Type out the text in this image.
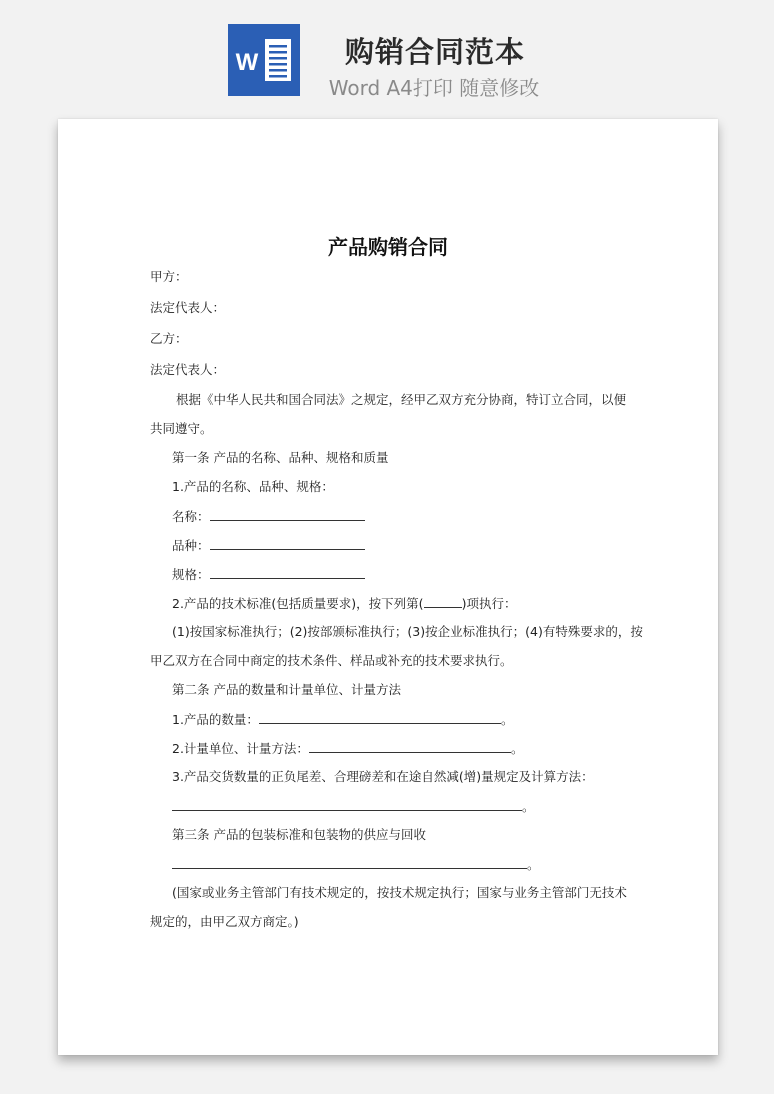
W	购销合同范本
Word A4打印 随意修改
产品购销合同
甲方：
法定代表人：
乙方：
法定代表人：
根据《中华人民共和国合同法》之规定，经甲乙双方充分协商，特订立合同，以便
共同遵守。
第一条 产品的名称、品种、规格和质量
1.产品的名称、品种、规格：
名称：
品种：
规格：
2.产品的技术标准(包括质量要求)，按下列第(	)项执行：
(1)按国家标准执行；(2)按部颁标准执行；(3)按企业标准执行；(4)有特殊要求的，按
甲乙双方在合同中商定的技术条件、样品或补充的技术要求执行。
第二条 产品的数量和计量单位、计量方法
1.产品的数量：	。
2.计量单位、计量方法：	。
3.产品交货数量的正负尾差、合理磅差和在途自然减(增)量规定及计算方法：
。
第三条 产品的包装标准和包装物的供应与回收
。
(国家或业务主管部门有技术规定的，按技术规定执行；国家与业务主管部门无技术
规定的，由甲乙双方商定。)
